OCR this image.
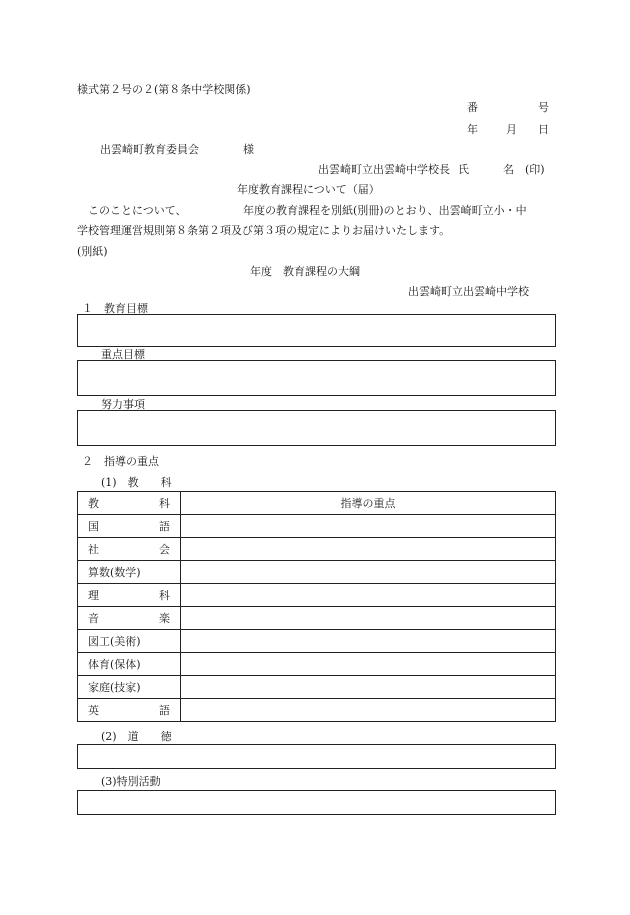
様式第２号の２(第８条中学校関係)
番	号
年	月 日
出雲崎町教育委員会	様
出雲崎町立出雲崎中学校長 氏	名 (印)
年度教育課程について（届）
このことについて、	年度の教育課程を別紙(別冊)のとおり、出雲崎町立小・中
学校管理運営規則第８条第２項及び第３項の規定によりお届けいたします。
(別紙)
年度　教育課程の大綱
出雲崎町立出雲崎中学校
１　教育目標
重点目標
努力事項
２　指導の重点
(1)　教　　科
教 科	指導の重点

国 語	

社 会	

算数(数学)	

理 科	

音 楽	

図工(美術)	
体育(保体)	
家庭(技家)	

英 語	

(2)　道　　徳
(3)特別活動
